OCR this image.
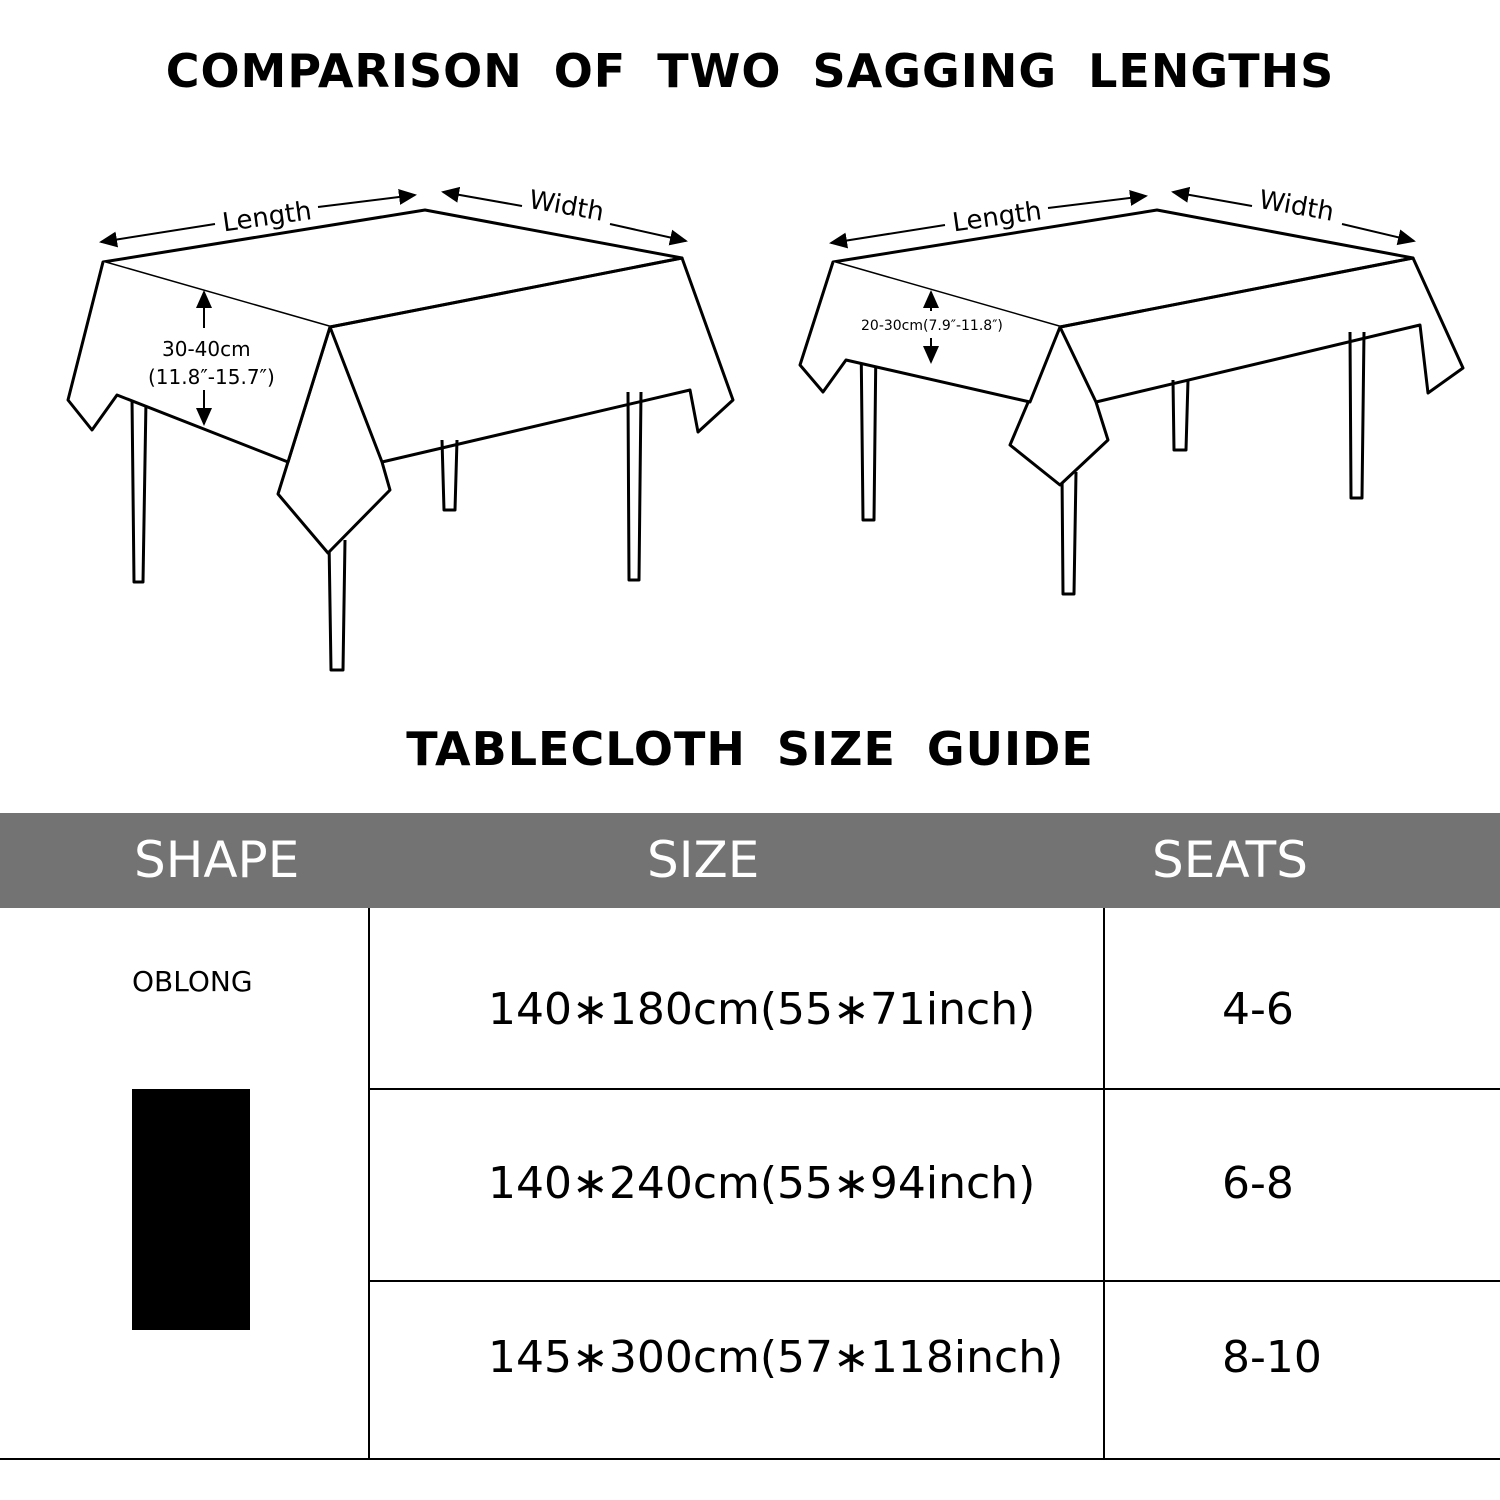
COMPARISON OF TWO SAGGING LENGTHS
Length	Width
30-40cm
(11.8″-15.7″)
Length	Width
20-30cm(7.9″-11.8″)
TABLECLOTH SIZE GUIDE
SHAPE	SIZE	SEATS
OBLONG
140∗180cm(55∗71inch)	4-6
140∗240cm(55∗94inch)	6-8
145∗300cm(57∗118inch)	8-10
